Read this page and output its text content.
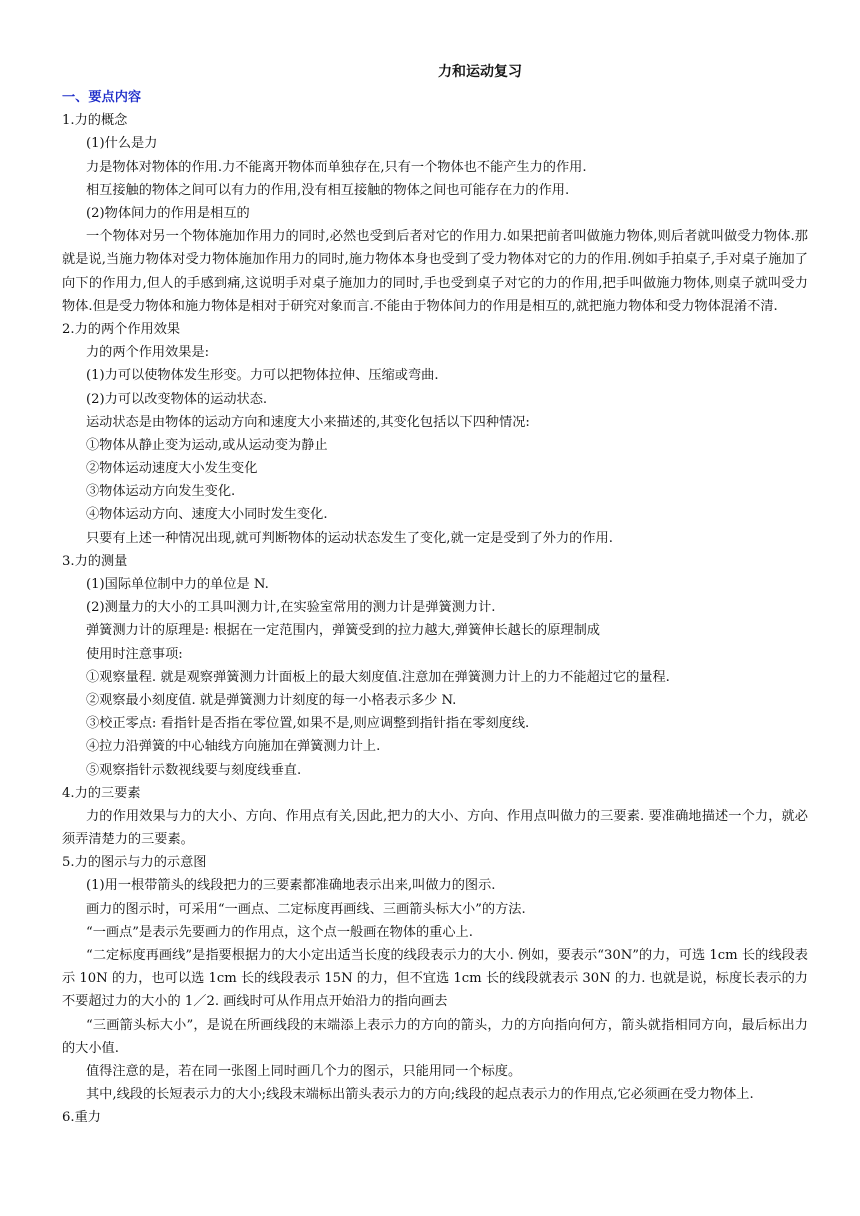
力和运动复习
一、要点内容
1.力的概念
(1)什么是力
力是物体对物体的作用.力不能离开物体而单独存在,只有一个物体也不能产生力的作用.
相互接触的物体之间可以有力的作用,没有相互接触的物体之间也可能存在力的作用.
(2)物体间力的作用是相互的

一个物体对另一个物体施加作用力的同时,必然也受到后者对它的作用力.如果把前者叫做施力物体,则后者就叫做受力物体.那就是说,当施力物体对受力物体施加作用力的同时,施力物体本身也受到了受力物体对它的力的作用.例如手拍桌子,手对桌子施加了向下的作用力,但人的手感到痛,这说明手对桌子施加力的同时,手也受到桌子对它的力的作用,把手叫做施力物体,则桌子就叫受力物体.但是受力物体和施力物体是相对于研究对象而言.不能由于物体间力的作用是相互的,就把施力物体和受力物体混淆不清.

2.力的两个作用效果
力的两个作用效果是:
(1)力可以使物体发生形变。力可以把物体拉伸、压缩或弯曲.
(2)力可以改变物体的运动状态.
运动状态是由物体的运动方向和速度大小来描述的,其变化包括以下四种情况:
①物体从静止变为运动,或从运动变为静止
②物体运动速度大小发生变化
③物体运动方向发生变化.
④物体运动方向、速度大小同时发生变化.
只要有上述一种情况出现,就可判断物体的运动状态发生了变化,就一定是受到了外力的作用.
3.力的测量
(1)国际单位制中力的单位是 N.
(2)测量力的大小的工具叫测力计,在实验室常用的测力计是弹簧测力计.
弹簧测力计的原理是: 根据在一定范围内，弹簧受到的拉力越大,弹簧伸长越长的原理制成
使用时注意事项:
①观察量程. 就是观察弹簧测力计面板上的最大刻度值.注意加在弹簧测力计上的力不能超过它的量程.
②观察最小刻度值. 就是弹簧测力计刻度的每一小格表示多少 N.
③校正零点: 看指针是否指在零位置,如果不是,则应调整到指针指在零刻度线.
④拉力沿弹簧的中心轴线方向施加在弹簧测力计上.
⑤观察指针示数视线要与刻度线垂直.
4.力的三要素

力的作用效果与力的大小、方向、作用点有关,因此,把力的大小、方向、作用点叫做力的三要素. 要准确地描述一个力，就必须弄清楚力的三要素。

5.力的图示与力的示意图
(1)用一根带箭头的线段把力的三要素都准确地表示出来,叫做力的图示.
画力的图示时，可采用“一画点、二定标度再画线、三画箭头标大小”的方法.
“一画点”是表示先要画力的作用点，这个点一般画在物体的重心上.

“二定标度再画线”是指要根据力的大小定出适当长度的线段表示力的大小. 例如，要表示“30N”的力，可选 1cm 长的线段表示 10N 的力，也可以选 1cm 长的线段表示 15N 的力，但不宜选 1cm 长的线段就表示 30N 的力. 也就是说，标度长表示的力不要超过力的大小的 1／2. 画线时可从作用点开始沿力的指向画去

“三画箭头标大小”，是说在所画线段的末端添上表示力的方向的箭头，力的方向指向何方，箭头就指相同方向，最后标出力的大小值.

值得注意的是，若在同一张图上同时画几个力的图示，只能用同一个标度。

其中,线段的长短表示力的大小;线段末端标出箭头表示力的方向;线段的起点表示力的作用点,它必须画在受力物体上.

6.重力
